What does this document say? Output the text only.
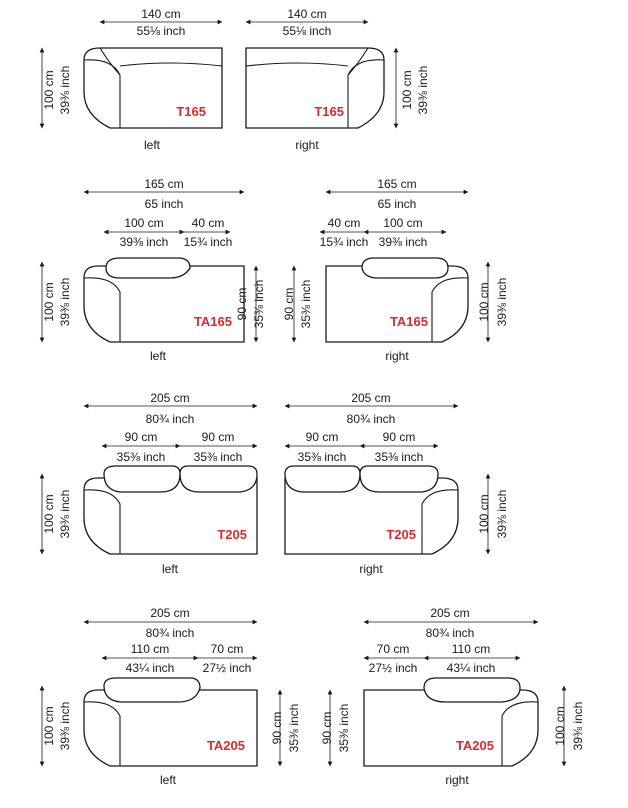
140 cm
55⅛ inch
100 cm 39⅜ inch	T165
left
140 cm
55⅛ inch
T165
right
100 cm 39⅜ inch
165 cm
65 inch
100 cm
39⅜ inch
40 cm
15¾ inch
100 cm 39⅜ inch	TA165
left
90 cm 35⅜ inch
165 cm
65 inch
40 cm
15¾ inch
100 cm
39⅜ inch
90 cm 35⅜ inch	TA165
right
100 cm 39⅜ inch
205 cm
80¾ inch
90 cm
35⅜ inch
90 cm
35⅜ inch
100 cm 39⅜ inch	T205
left
205 cm
80¾ inch
90 cm
35⅜ inch
90 cm
35⅜ inch
T205
right
100 cm 39⅜ inch
205 cm
80¾ inch
110 cm
43¼ inch
70 cm
27½ inch
100 cm 39⅜ inch	TA205
left
90 cm 35⅜ inch
205 cm
80¾ inch
70 cm
27½ inch
110 cm
43¼ inch
90 cm 35⅜ inch	TA205
right
100 cm 39⅜ inch
